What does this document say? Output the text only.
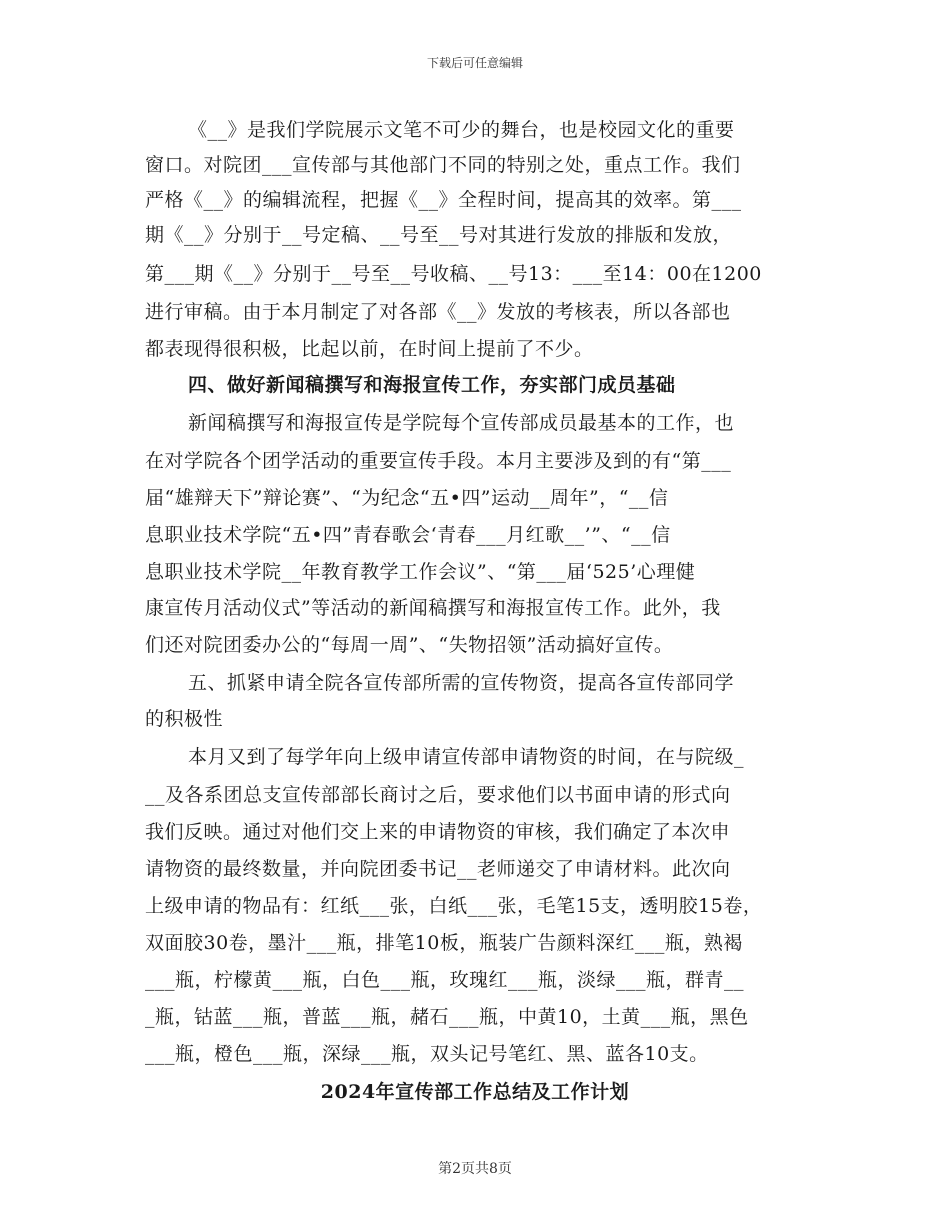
下载后可任意编辑
《__》是我们学院展示文笔不可少的舞台，也是校园文化的重要
窗口。对院团___宣传部与其他部门不同的特别之处，重点工作。我们
严格《__》的编辑流程，把握《__》全程时间，提高其的效率。第___
期《__》分别于__号定稿、__号至__号对其进行发放的排版和发放，
第___期《__》分别于__号至__号收稿、__号13：___至14：00在1200
进行审稿。由于本月制定了对各部《__》发放的考核表，所以各部也
都表现得很积极，比起以前，在时间上提前了不少。
四、做好新闻稿撰写和海报宣传工作，夯实部门成员基础
新闻稿撰写和海报宣传是学院每个宣传部成员最基本的工作，也
在对学院各个团学活动的重要宣传手段。本月主要涉及到的有“第___
届“雄辩天下”辩论赛”、“为纪念“五•四”运动__周年”，“__信
息职业技术学院“五•四”青春歌会‘青春___月红歌__’”、“__信
息职业技术学院__年教育教学工作会议”、“第___届‘525’心理健
康宣传月活动仪式”等活动的新闻稿撰写和海报宣传工作。此外，我
们还对院团委办公的“每周一周”、“失物招领”活动搞好宣传。
五、抓紧申请全院各宣传部所需的宣传物资，提高各宣传部同学
的积极性
本月又到了每学年向上级申请宣传部申请物资的时间，在与院级_
__及各系团总支宣传部部长商讨之后，要求他们以书面申请的形式向
我们反映。通过对他们交上来的申请物资的审核，我们确定了本次申
请物资的最终数量，并向院团委书记__老师递交了申请材料。此次向
上级申请的物品有：红纸___张，白纸___张，毛笔15支，透明胶15卷，
双面胶30卷，墨汁___瓶，排笔10板，瓶装广告颜料深红___瓶，熟褐
___瓶，柠檬黄___瓶，白色___瓶，玫瑰红___瓶，淡绿___瓶，群青__
_瓶，钴蓝___瓶，普蓝___瓶，赭石___瓶，中黄10，土黄___瓶，黑色
___瓶，橙色___瓶，深绿___瓶，双头记号笔红、黑、蓝各10支。
2024年宣传部工作总结及工作计划
第2页共8页
